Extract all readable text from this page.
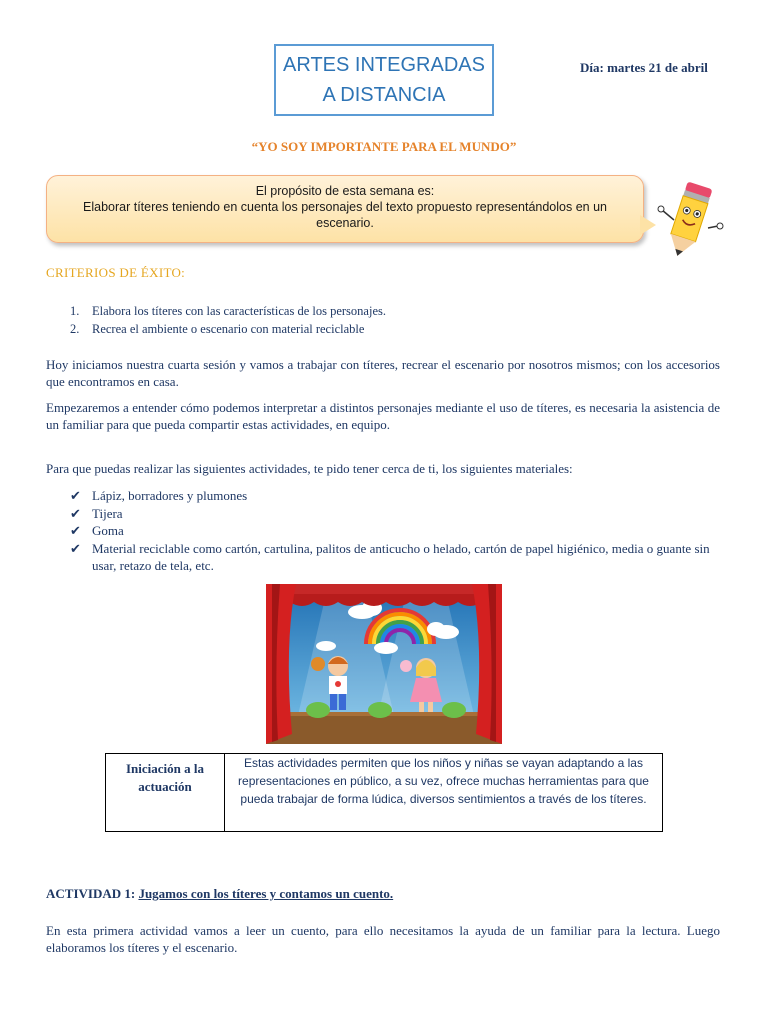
ARTES INTEGRADAS
A DISTANCIA
Día: martes 21 de abril
“YO SOY IMPORTANTE PARA EL MUNDO”
El propósito de esta semana es:
Elaborar títeres teniendo en cuenta los personajes del texto propuesto representándolos en un escenario.
CRITERIOS DE ÉXITO:
1. Elabora los títeres con las características de los personajes.
2. Recrea el ambiente o escenario con material reciclable
Hoy iniciamos nuestra cuarta sesión y vamos a trabajar con títeres, recrear el escenario por nosotros mismos; con los accesorios que encontramos en casa.
Empezaremos a entender cómo podemos interpretar a distintos personajes mediante el uso de títeres, es necesaria la asistencia de un familiar para que pueda compartir estas actividades, en equipo.
Para que puedas realizar las siguientes actividades, te pido tener cerca de ti, los siguientes materiales:
✔ Lápiz, borradores y plumones
✔ Tijera
✔ Goma
✔ Material reciclable como cartón, cartulina, palitos de anticucho o helado, cartón de papel higiénico, media o guante sin usar, retazo de tela, etc.
Iniciación a la actuación
Estas actividades permiten que los niños y niñas se vayan adaptando a las representaciones en público, a su vez, ofrece muchas herramientas para que pueda trabajar de forma lúdica, diversos sentimientos a través de los títeres.
ACTIVIDAD 1: Jugamos con los títeres y contamos un cuento.
En esta primera actividad vamos a leer un cuento, para ello necesitamos la ayuda de un familiar para la lectura. Luego elaboramos los títeres y el escenario.
